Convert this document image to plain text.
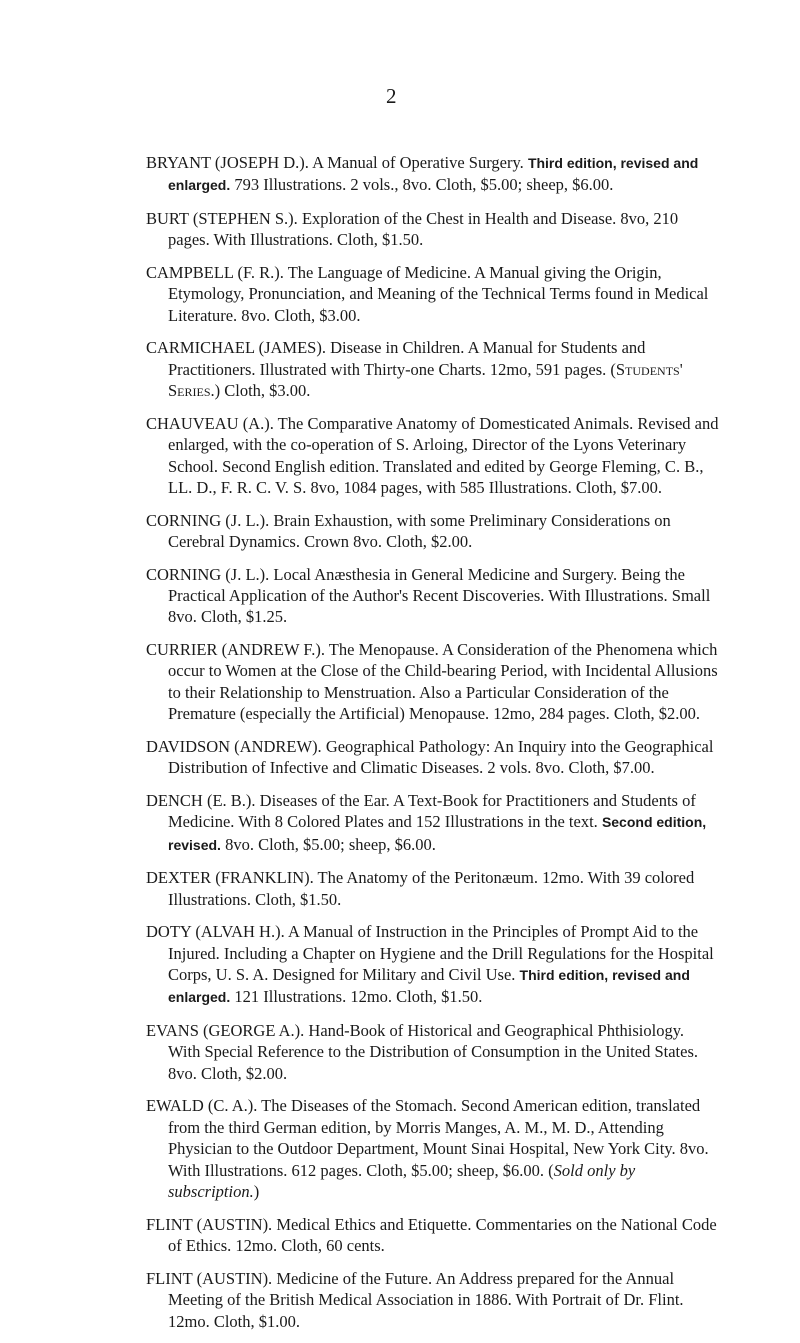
2

BRYANT (JOSEPH D.). A Manual of Operative Surgery. Third edition, revised and enlarged. 793 Illustrations. 2 vols., 8vo. Cloth, $5.00; sheep, $6.00.

BURT (STEPHEN S.). Exploration of the Chest in Health and Disease. 8vo, 210 pages. With Illustrations. Cloth, $1.50.

CAMPBELL (F. R.). The Language of Medicine. A Manual giving the Origin, Etymology, Pronunciation, and Meaning of the Technical Terms found in Medical Literature. 8vo. Cloth, $3.00.

CARMICHAEL (JAMES). Disease in Children. A Manual for Students and Practitioners. Illustrated with Thirty-one Charts. 12mo, 591 pages. (Students' Series.) Cloth, $3.00.

CHAUVEAU (A.). The Comparative Anatomy of Domesticated Animals. Revised and enlarged, with the co-operation of S. Arloing, Director of the Lyons Veterinary School. Second English edition. Translated and edited by George Fleming, C. B., LL. D., F. R. C. V. S. 8vo, 1084 pages, with 585 Illustrations. Cloth, $7.00.

CORNING (J. L.). Brain Exhaustion, with some Preliminary Considerations on Cerebral Dynamics. Crown 8vo. Cloth, $2.00.

CORNING (J. L.). Local Anæsthesia in General Medicine and Surgery. Being the Practical Application of the Author's Recent Discoveries. With Illustrations. Small 8vo. Cloth, $1.25.

CURRIER (ANDREW F.). The Menopause. A Consideration of the Phenomena which occur to Women at the Close of the Child-bearing Period, with Incidental Allusions to their Relationship to Menstruation. Also a Particular Consideration of the Premature (especially the Artificial) Menopause. 12mo, 284 pages. Cloth, $2.00.

DAVIDSON (ANDREW). Geographical Pathology: An Inquiry into the Geographical Distribution of Infective and Climatic Diseases. 2 vols. 8vo. Cloth, $7.00.

DENCH (E. B.). Diseases of the Ear. A Text-Book for Practitioners and Students of Medicine. With 8 Colored Plates and 152 Illustrations in the text. Second edition, revised. 8vo. Cloth, $5.00; sheep, $6.00.

DEXTER (FRANKLIN). The Anatomy of the Peritonæum. 12mo. With 39 colored Illustrations. Cloth, $1.50.

DOTY (ALVAH H.). A Manual of Instruction in the Principles of Prompt Aid to the Injured. Including a Chapter on Hygiene and the Drill Regulations for the Hospital Corps, U. S. A. Designed for Military and Civil Use. Third edition, revised and enlarged. 121 Illustrations. 12mo. Cloth, $1.50.

EVANS (GEORGE A.). Hand-Book of Historical and Geographical Phthisiology. With Special Reference to the Distribution of Consumption in the United States. 8vo. Cloth, $2.00.

EWALD (C. A.). The Diseases of the Stomach. Second American edition, translated from the third German edition, by Morris Manges, A. M., M. D., Attending Physician to the Outdoor Department, Mount Sinai Hospital, New York City. 8vo. With Illustrations. 612 pages. Cloth, $5.00; sheep, $6.00. (Sold only by subscription.)

FLINT (AUSTIN). Medical Ethics and Etiquette. Commentaries on the National Code of Ethics. 12mo. Cloth, 60 cents.

FLINT (AUSTIN). Medicine of the Future. An Address prepared for the Annual Meeting of the British Medical Association in 1886. With Portrait of Dr. Flint. 12mo. Cloth, $1.00.
